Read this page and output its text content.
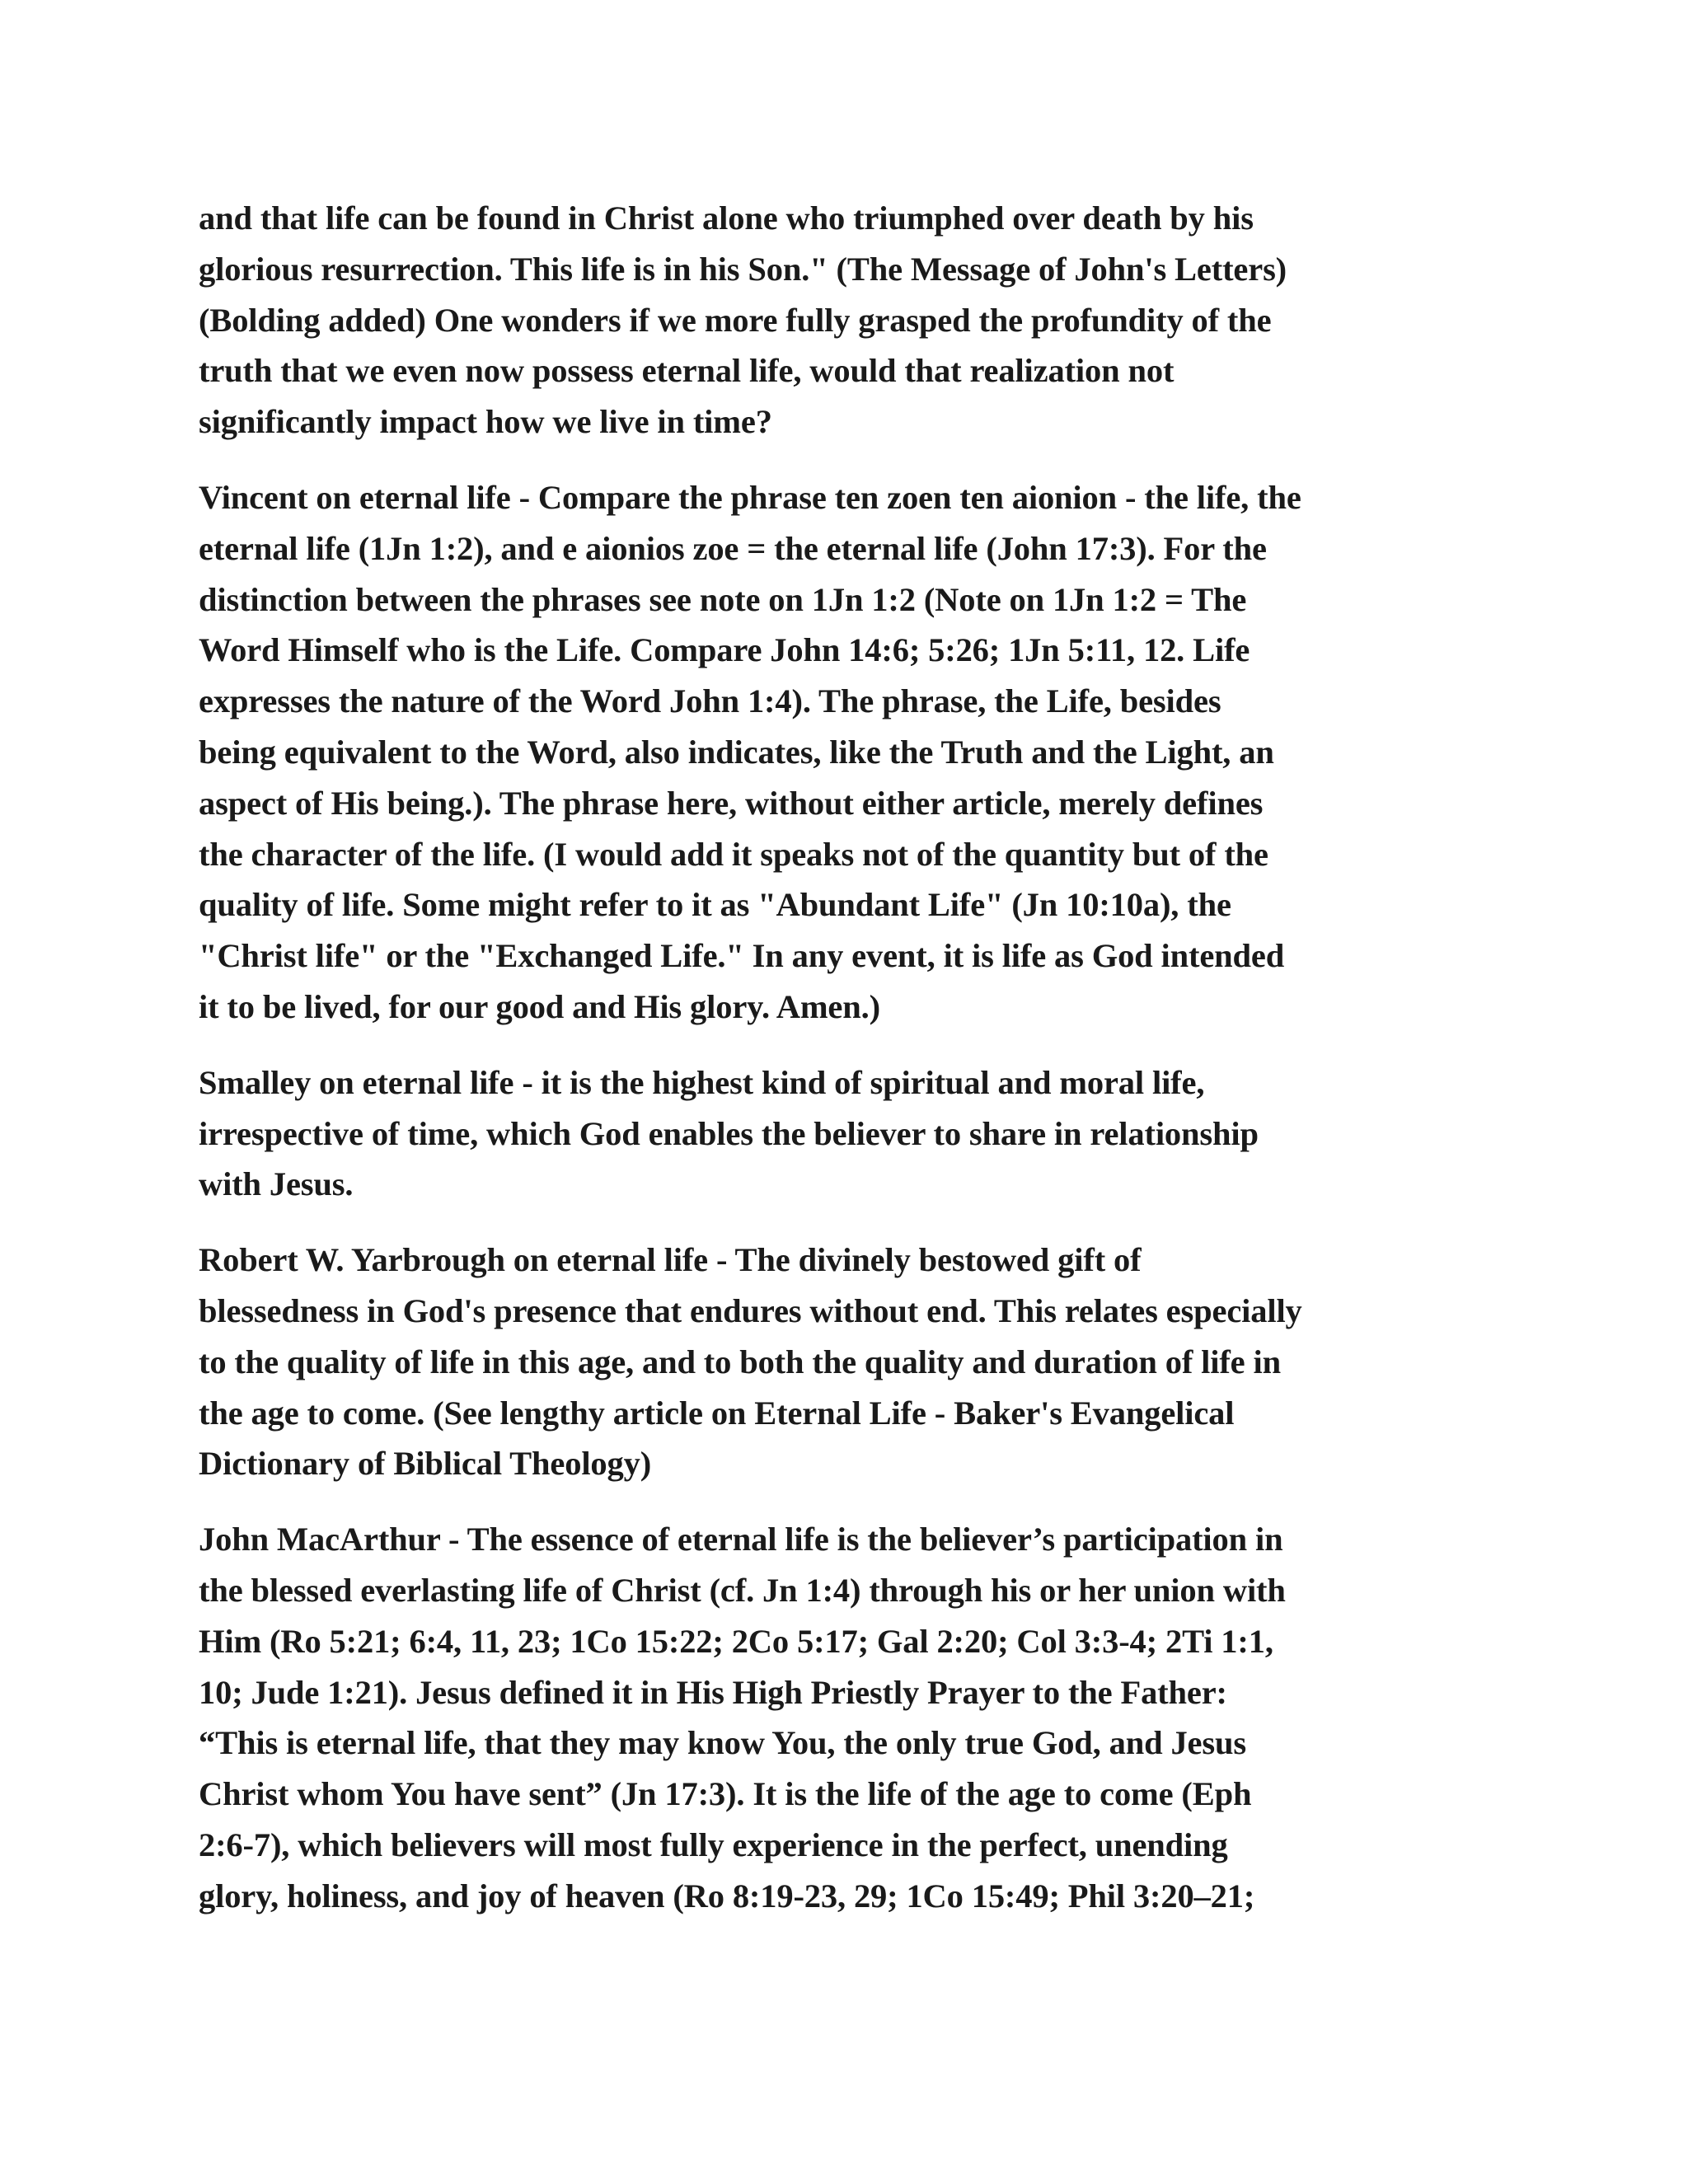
and that life can be found in Christ alone who triumphed over death by his
glorious resurrection. This life is in his Son." (The Message of John's Letters)
(Bolding added) One wonders if we more fully grasped the profundity of the
truth that we even now possess eternal life, would that realization not
significantly impact how we live in time?

Vincent on eternal life - Compare the phrase ten zoen ten aionion - the life, the
eternal life (1Jn 1:2), and e aionios zoe = the eternal life (John 17:3). For the
distinction between the phrases see note on 1Jn 1:2 (Note on 1Jn 1:2 = The
Word Himself who is the Life. Compare John 14:6; 5:26; 1Jn 5:11, 12. Life
expresses the nature of the Word John 1:4). The phrase, the Life, besides
being equivalent to the Word, also indicates, like the Truth and the Light, an
aspect of His being.). The phrase here, without either article, merely defines
the character of the life. (I would add it speaks not of the quantity but of the
quality of life. Some might refer to it as "Abundant Life" (Jn 10:10a), the
"Christ life" or the "Exchanged Life." In any event, it is life as God intended
it to be lived, for our good and His glory. Amen.)

Smalley on eternal life - it is the highest kind of spiritual and moral life,
irrespective of time, which God enables the believer to share in relationship
with Jesus.

Robert W. Yarbrough on eternal life - The divinely bestowed gift of
blessedness in God's presence that endures without end. This relates especially
to the quality of life in this age, and to both the quality and duration of life in
the age to come. (See lengthy article on Eternal Life - Baker's Evangelical
Dictionary of Biblical Theology)

John MacArthur - The essence of eternal life is the believer’s participation in
the blessed everlasting life of Christ (cf. Jn 1:4) through his or her union with
Him (Ro 5:21; 6:4, 11, 23; 1Co 15:22; 2Co 5:17; Gal 2:20; Col 3:3-4; 2Ti 1:1,
10; Jude 1:21). Jesus defined it in His High Priestly Prayer to the Father:
“This is eternal life, that they may know You, the only true God, and Jesus
Christ whom You have sent” (Jn 17:3). It is the life of the age to come (Eph
2:6-7), which believers will most fully experience in the perfect, unending
glory, holiness, and joy of heaven (Ro 8:19-23, 29; 1Co 15:49; Phil 3:20–21;
